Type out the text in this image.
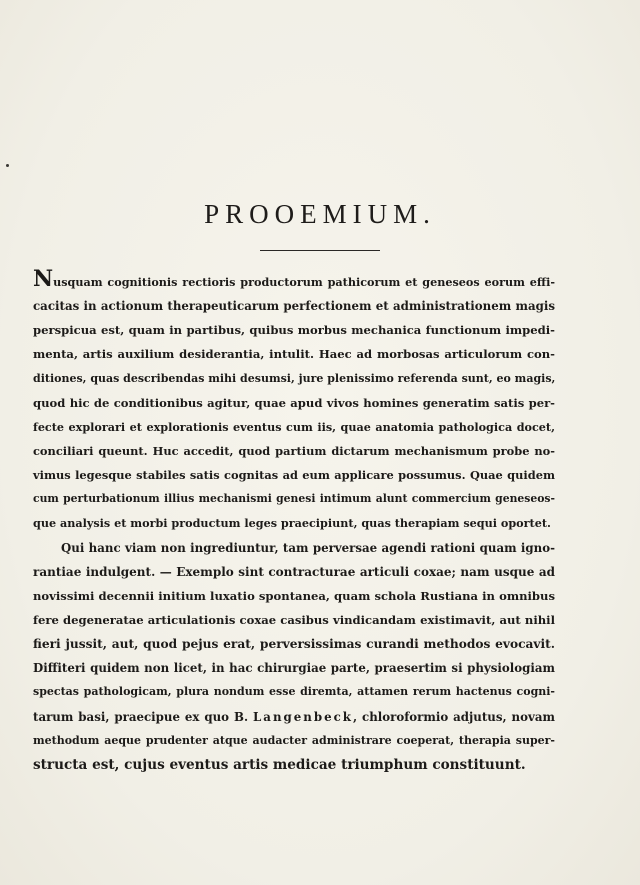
PROOEMIUM.
Nusquam cognitionis rectioris productorum pathicorum et geneseos eorum effi-
cacitas in actionum therapeuticarum perfectionem et administrationem magis
perspicua est, quam in partibus, quibus morbus mechanica functionum impedi-
menta, artis auxilium desiderantia, intulit. Haec ad morbosas articulorum con-
ditiones, quas describendas mihi desumsi, jure plenissimo referenda sunt, eo magis,
quod hic de conditionibus agitur, quae apud vivos homines generatim satis per-
fecte explorari et explorationis eventus cum iis, quae anatomia pathologica docet,
conciliari queunt. Huc accedit, quod partium dictarum mechanismum probe no-
vimus legesque stabiles satis cognitas ad eum applicare possumus. Quae quidem
cum perturbationum illius mechanismi genesi intimum alunt commercium geneseos-
que analysis et morbi productum leges praecipiunt, quas therapiam sequi oportet.
Qui hanc viam non ingrediuntur, tam perversae agendi rationi quam igno-
rantiae indulgent. — Exemplo sint contracturae articuli coxae; nam usque ad
novissimi decennii initium luxatio spontanea, quam schola Rustiana in omnibus
fere degeneratae articulationis coxae casibus vindicandam existimavit, aut nihil
fieri jussit, aut, quod pejus erat, perversissimas curandi methodos evocavit.
Diffiteri quidem non licet, in hac chirurgiae parte, praesertim si physiologiam
spectas pathologicam, plura nondum esse diremta, attamen rerum hactenus cogni-
tarum basi, praecipue ex quo B. Langenbeck, chloroformio adjutus, novam
methodum aeque prudenter atque audacter administrare coeperat, therapia super-
structa est, cujus eventus artis medicae triumphum constituunt.
